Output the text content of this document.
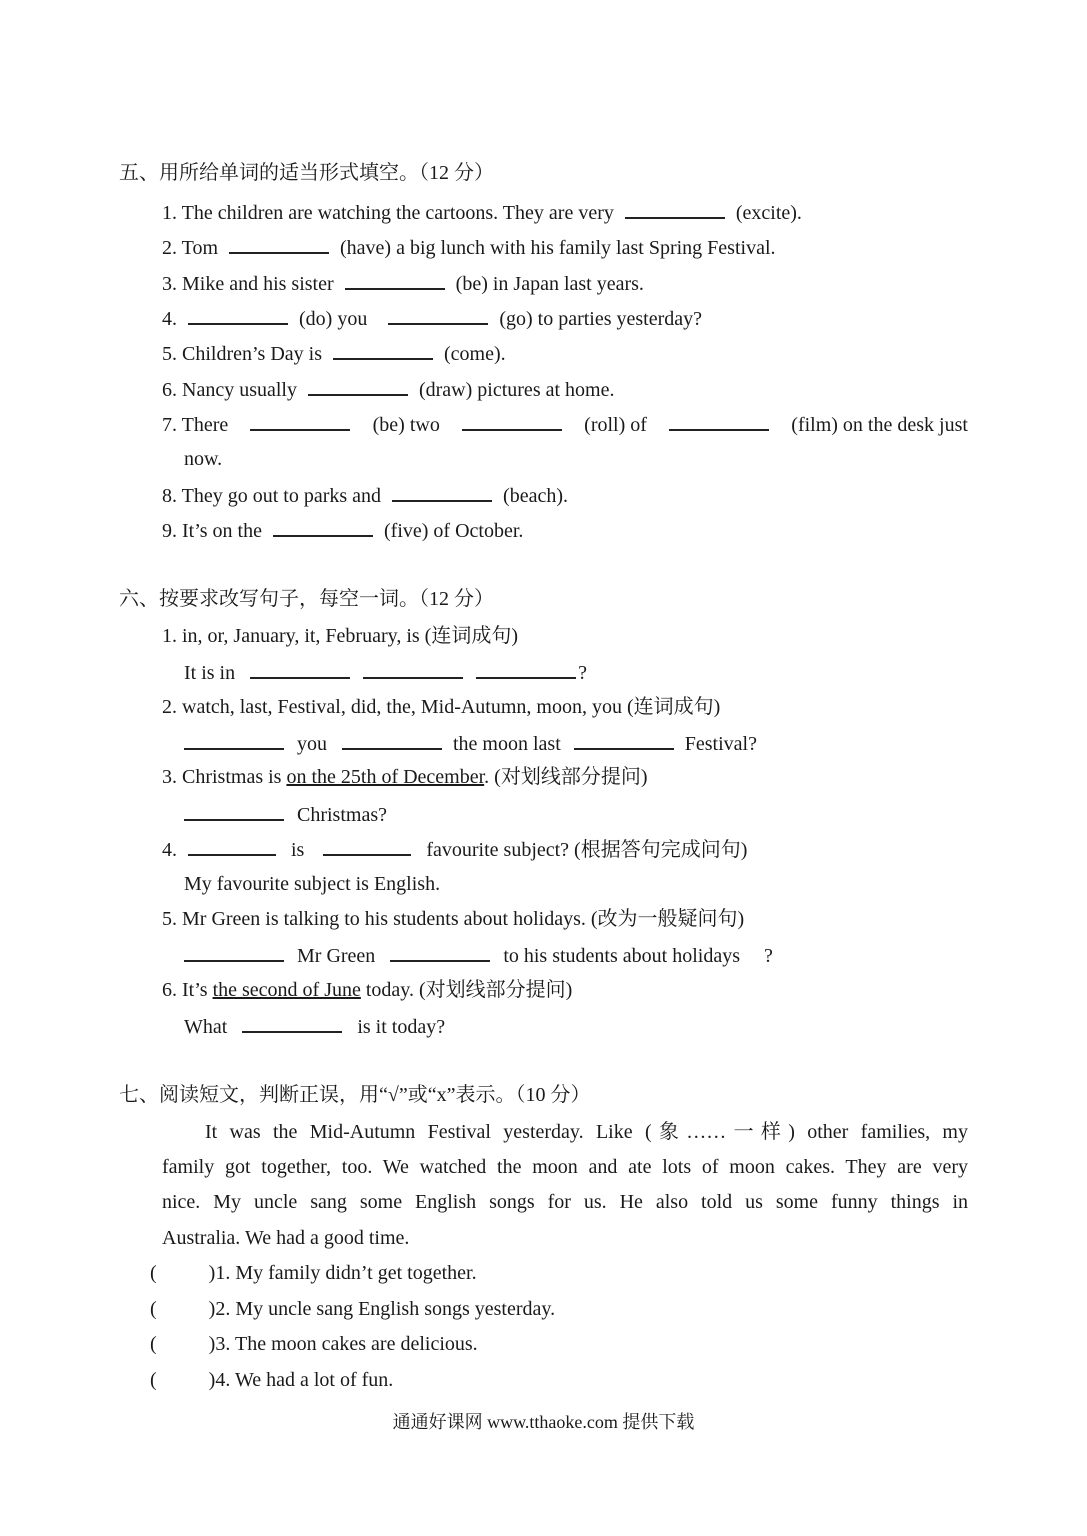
五、用所给单词的适当形式填空。（12 分）
1. The children are watching the cartoons. They are very	(excite).
2. Tom	(have) a big lunch with his family last Spring Festival.
3. Mike and his sister	(be) in Japan last years.
4.	(do) you	(go) to parties yesterday?
5. Children’s Day is	(come).
6. Nancy usually	(draw) pictures at home.
7. There	(be) two	(roll) of	(film) on the desk just
now.
8. They go out to parks and	(beach).
9. It’s on the	(five) of October.
六、按要求改写句子，每空一词。（12 分）
1. in, or, January, it, February, is (连词成句)
It is in	?
2. watch, last, Festival, did, the, Mid-Autumn, moon, you (连词成句)
you	the moon last	Festival?
3. Christmas is on the 25th of December. (对划线部分提问)
Christmas?
4.	is	favourite subject? (根据答句完成问句)
My favourite subject is English.
5. Mr Green is talking to his students about holidays. (改为一般疑问句)
Mr Green	to his students about holidays ?
6. It’s the second of June today. (对划线部分提问)
What	is it today?
七、阅读短文，判断正误，用“√”或“x”表示。（10 分）
It was the Mid-Autumn Festival yesterday. Like (象……一样) other families, my
family got together, too. We watched the moon and ate lots of moon cakes. They are very
nice. My uncle sang some English songs for us. He also told us some funny things in
Australia. We had a good time.
(	)1. My family didn’t get together.
(	)2. My uncle sang English songs yesterday.
(	)3. The moon cakes are delicious.
(	)4. We had a lot of fun.
通通好课网 www.tthaoke.com 提供下载
